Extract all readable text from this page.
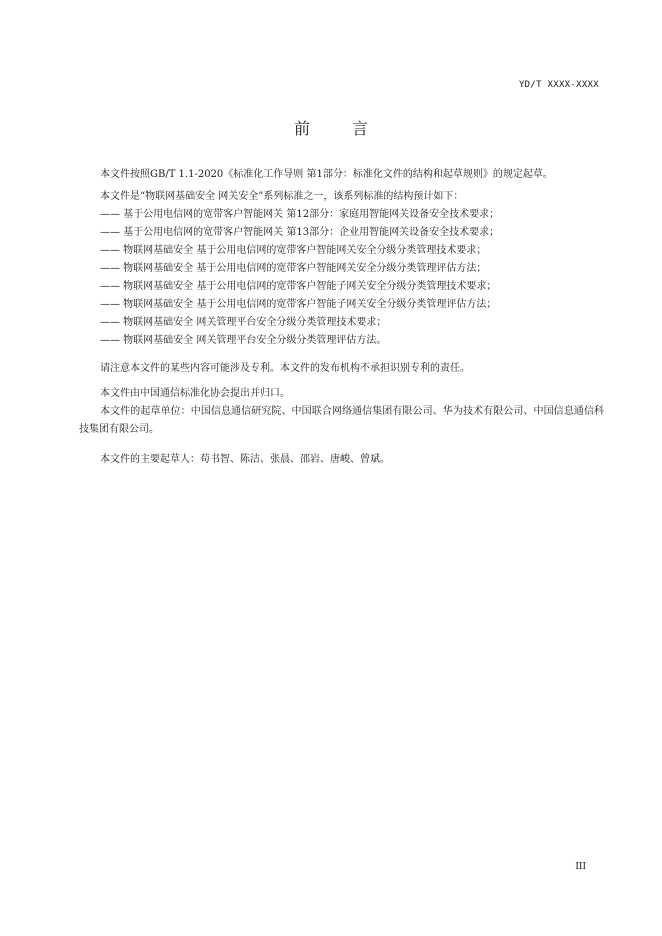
YD/T XXXX-XXXX
前言

本文件按照GB/T 1.1-2020《标准化工作导则 第1部分：标准化文件的结构和起草规则》的规定起草。

本文件是“物联网基础安全 网关安全”系列标准之一，该系列标准的结构预计如下：

—— 基于公用电信网的宽带客户智能网关 第12部分：家庭用智能网关设备安全技术要求；

—— 基于公用电信网的宽带客户智能网关 第13部分：企业用智能网关设备安全技术要求；

—— 物联网基础安全 基于公用电信网的宽带客户智能网关安全分级分类管理技术要求；

—— 物联网基础安全 基于公用电信网的宽带客户智能网关安全分级分类管理评估方法；

—— 物联网基础安全 基于公用电信网的宽带客户智能子网关安全分级分类管理技术要求；

—— 物联网基础安全 基于公用电信网的宽带客户智能子网关安全分级分类管理评估方法；

—— 物联网基础安全 网关管理平台安全分级分类管理技术要求；

—— 物联网基础安全 网关管理平台安全分级分类管理评估方法。

请注意本文件的某些内容可能涉及专利。本文件的发布机构不承担识别专利的责任。

本文件由中国通信标准化协会提出并归口。

本文件的起草单位：中国信息通信研究院、中国联合网络通信集团有限公司、华为技术有限公司、中国信息通信科技集团有限公司。

本文件的主要起草人：苟书智、陈洁、张晨、邵岩、唐峻、曾斌。

III
